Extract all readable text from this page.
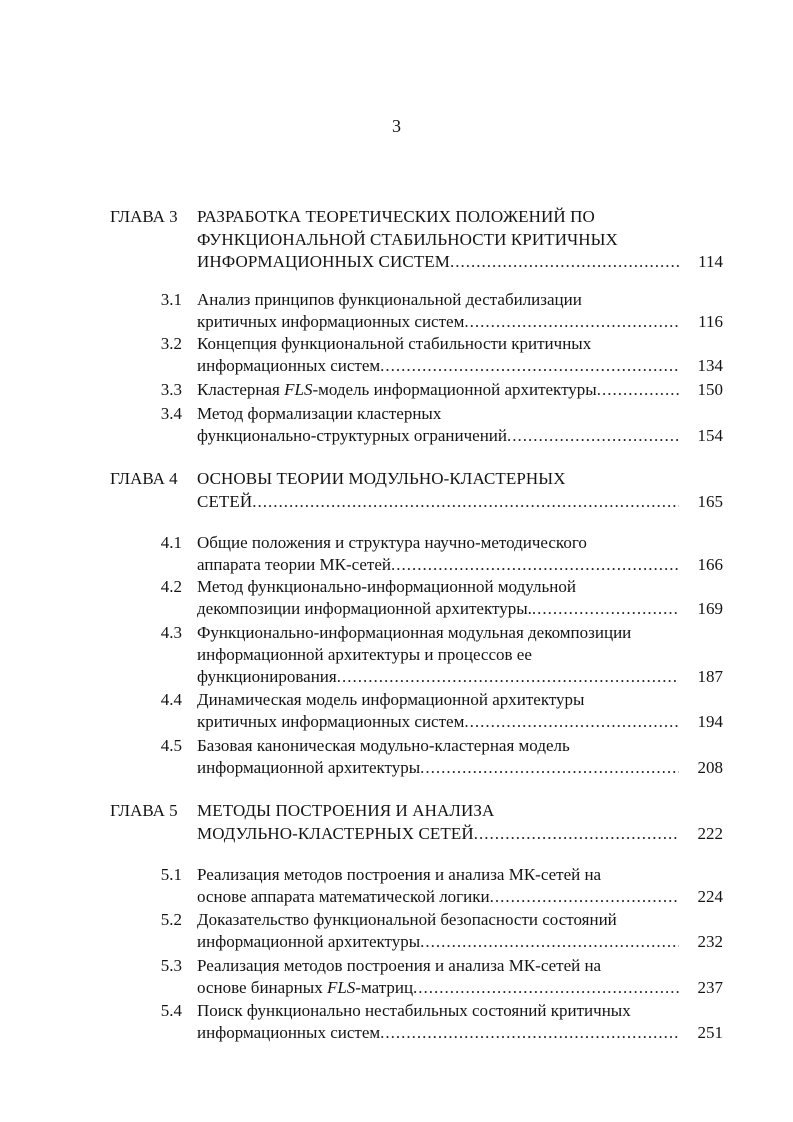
3
ГЛАВА 3	РАЗРАБОТКА ТЕОРЕТИЧЕСКИХ ПОЛОЖЕНИЙ ПО
ФУНКЦИОНАЛЬНОЙ СТАБИЛЬНОСТИ КРИТИЧНЫХ
ИНФОРМАЦИОННЫХ СИСТЕМ .....	114
3.1 Анализ принципов функциональной дестабилизации
критичных информационных систем .....	116
3.2 Концепция функциональной стабильности критичных
информационных систем .....	134
3.3 Кластерная FLS-модель информационной архитектуры .....	150
3.4 Метод формализации кластерных
функционально-структурных ограничений .....	154
ГЛАВА 4	ОСНОВЫ ТЕОРИИ МОДУЛЬНО-КЛАСТЕРНЫХ
СЕТЕЙ .....	165
4.1 Общие положения и структура научно-методического
аппарата теории МК-сетей .....	166
4.2 Метод функционально-информационной модульной
декомпозиции информационной архитектуры. .....	169
4.3 Функционально-информационная модульная декомпозиции
информационной архитектуры и процессов ее
функционирования .....	187
4.4 Динамическая модель информационной архитектуры
критичных информационных систем .....	194
4.5 Базовая каноническая модульно-кластерная модель
информационной архитектуры .....	208
ГЛАВА 5	МЕТОДЫ ПОСТРОЕНИЯ И АНАЛИЗА
МОДУЛЬНО-КЛАСТЕРНЫХ СЕТЕЙ .....	222
5.1 Реализация методов построения и анализа МК-сетей на
основе аппарата математической логики .....	224
5.2 Доказательство функциональной безопасности состояний
информационной архитектуры .....	232
5.3 Реализация методов построения и анализа МК-сетей на
основе бинарных FLS-матриц .....	237
5.4 Поиск функционально нестабильных состояний критичных
информационных систем .....	251
